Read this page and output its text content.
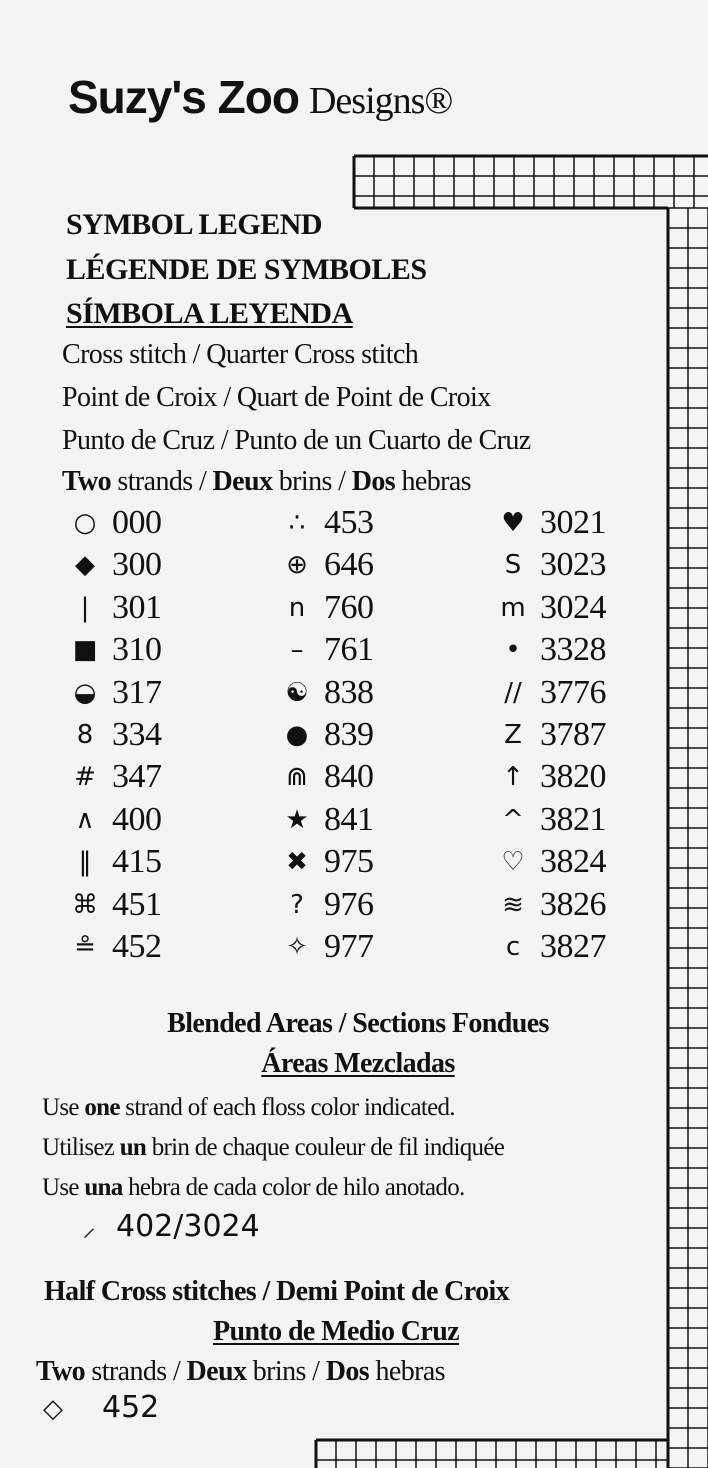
Suzy's Zoo Designs®
SYMBOL LEGEND
LÉGENDE DE SYMBOLES
SÍMBOLA LEYENDA
Cross stitch / Quarter Cross stitch
Point de Croix / Quart de Point de Croix
Punto de Cruz / Punto de un Cuarto de Cruz
Two strands / Deux brins / Dos hebras
○ 000
◆ 300
| 301
■ 310
◒ 317
8 334
# 347
∧ 400
‖ 415
⌘ 451
≗ 452
∴ 453
⊕ 646
n 760
– 761
☯ 838
● 839
⋒ 840
★ 841
✖ 975
? 976
✧ 977
♥ 3021
S 3023
m 3024
• 3328
// 3776
Z 3787
↑ 3820
^ 3821
♡ 3824
≋ 3826
c 3827
Blended Areas / Sections Fondues
Áreas Mezcladas
Use one strand of each floss color indicated.
Utilisez un brin de chaque couleur de fil indiquée
Use una hebra de cada color de hilo anotado.
⸝ 402/3024
Half Cross stitches / Demi Point de Croix
Punto de Medio Cruz
Two strands / Deux brins / Dos hebras
◇ 452
